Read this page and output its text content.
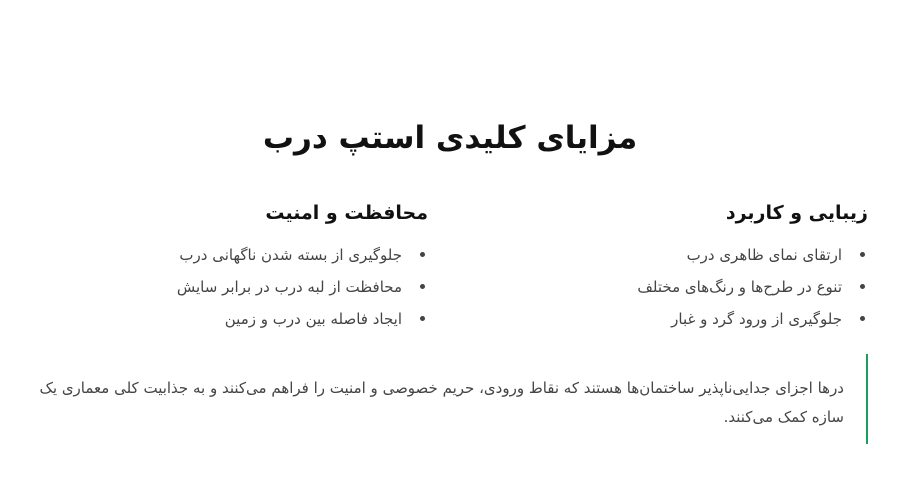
مزایای کلیدی استپ درب
زیبایی و کاربرد
ارتقای نمای ظاهری درب
تنوع در طرح‌ها و رنگ‌های مختلف
جلوگیری از ورود گرد و غبار
محافظت و امنیت
جلوگیری از بسته شدن ناگهانی درب
محافظت از لبه درب در برابر سایش
ایجاد فاصله بین درب و زمین

درها اجزای جدایی‌ناپذیر ساختمان‌ها هستند که نقاط ورودی، حریم خصوصی و امنیت را فراهم می‌کنند و به جذابیت کلی معماری یک سازه کمک می‌کنند.
